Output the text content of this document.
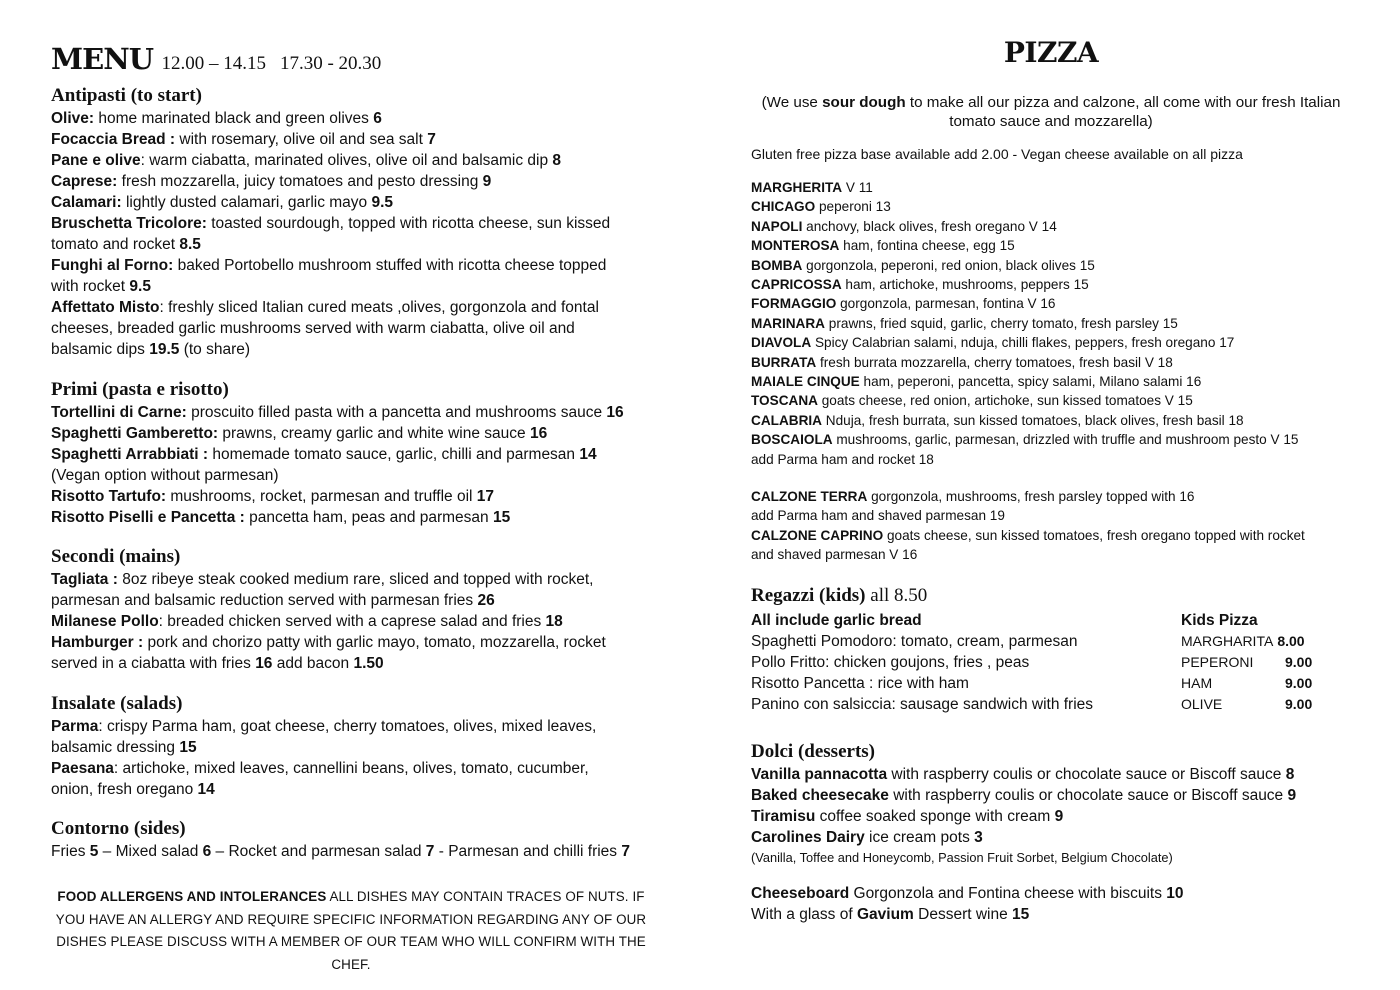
MENU 12.00 – 14.15 17.30 - 20.30
Antipasti (to start)
Olive: home marinated black and green olives 6
Focaccia Bread : with rosemary, olive oil and sea salt 7
Pane e olive: warm ciabatta, marinated olives, olive oil and balsamic dip 8
Caprese: fresh mozzarella, juicy tomatoes and pesto dressing 9
Calamari: lightly dusted calamari, garlic mayo 9.5
Bruschetta Tricolore: toasted sourdough, topped with ricotta cheese, sun kissed tomato and rocket 8.5
Funghi al Forno: baked Portobello mushroom stuffed with ricotta cheese topped with rocket 9.5
Affettato Misto: freshly sliced Italian cured meats ,olives, gorgonzola and fontal cheeses, breaded garlic mushrooms served with warm ciabatta, olive oil and balsamic dips 19.5 (to share)
Primi (pasta e risotto)
Tortellini di Carne: proscuito filled pasta with a pancetta and mushrooms sauce 16
Spaghetti Gamberetto: prawns, creamy garlic and white wine sauce 16
Spaghetti Arrabbiati : homemade tomato sauce, garlic, chilli and parmesan 14
(Vegan option without parmesan)
Risotto Tartufo: mushrooms, rocket, parmesan and truffle oil 17
Risotto Piselli e Pancetta : pancetta ham, peas and parmesan 15
Secondi (mains)
Tagliata : 8oz ribeye steak cooked medium rare, sliced and topped with rocket, parmesan and balsamic reduction served with parmesan fries 26
Milanese Pollo: breaded chicken served with a caprese salad and fries 18
Hamburger : pork and chorizo patty with garlic mayo, tomato, mozzarella, rocket served in a ciabatta with fries 16 add bacon 1.50
Insalate (salads)
Parma: crispy Parma ham, goat cheese, cherry tomatoes, olives, mixed leaves, balsamic dressing 15
Paesana: artichoke, mixed leaves, cannellini beans, olives, tomato, cucumber, onion, fresh oregano 14
Contorno (sides)
Fries 5 – Mixed salad 6 – Rocket and parmesan salad 7 - Parmesan and chilli fries 7
FOOD ALLERGENS AND INTOLERANCES ALL DISHES MAY CONTAIN TRACES OF NUTS. IF YOU HAVE AN ALLERGY AND REQUIRE SPECIFIC INFORMATION REGARDING ANY OF OUR DISHES PLEASE DISCUSS WITH A MEMBER OF OUR TEAM WHO WILL CONFIRM WITH THE CHEF.
PIZZA
(We use sour dough to make all our pizza and calzone, all come with our fresh Italian tomato sauce and mozzarella)
Gluten free pizza base available add 2.00 - Vegan cheese available on all pizza
MARGHERITA V 11
CHICAGO peperoni 13
NAPOLI anchovy, black olives, fresh oregano V 14
MONTEROSA ham, fontina cheese, egg 15
BOMBA gorgonzola, peperoni, red onion, black olives 15
CAPRICOSSA ham, artichoke, mushrooms, peppers 15
FORMAGGIO gorgonzola, parmesan, fontina V 16
MARINARA prawns, fried squid, garlic, cherry tomato, fresh parsley 15
DIAVOLA Spicy Calabrian salami, nduja, chilli flakes, peppers, fresh oregano 17
BURRATA fresh burrata mozzarella, cherry tomatoes, fresh basil V 18
MAIALE CINQUE ham, peperoni, pancetta, spicy salami, Milano salami 16
TOSCANA goats cheese, red onion, artichoke, sun kissed tomatoes V 15
CALABRIA Nduja, fresh burrata, sun kissed tomatoes, black olives, fresh basil 18
BOSCAIOLA mushrooms, garlic, parmesan, drizzled with truffle and mushroom pesto V 15
add Parma ham and rocket 18
CALZONE TERRA gorgonzola, mushrooms, fresh parsley topped with 16
add Parma ham and shaved parmesan 19
CALZONE CAPRINO goats cheese, sun kissed tomatoes, fresh oregano topped with rocket
and shaved parmesan V 16
Regazzi (kids) all 8.50
All include garlic bread	Kids Pizza
Spaghetti Pomodoro: tomato, cream, parmesan	MARGHARITA 8.00
Pollo Fritto: chicken goujons, fries , peas	PEPERONI	9.00
Risotto Pancetta : rice with ham	HAM	9.00
Panino con salsiccia: sausage sandwich with fries	OLIVE	9.00
Dolci (desserts)
Vanilla pannacotta with raspberry coulis or chocolate sauce or Biscoff sauce 8
Baked cheesecake with raspberry coulis or chocolate sauce or Biscoff sauce 9
Tiramisu coffee soaked sponge with cream 9
Carolines Dairy ice cream pots 3
(Vanilla, Toffee and Honeycomb, Passion Fruit Sorbet, Belgium Chocolate)
Cheeseboard Gorgonzola and Fontina cheese with biscuits 10
With a glass of Gavium Dessert wine 15
